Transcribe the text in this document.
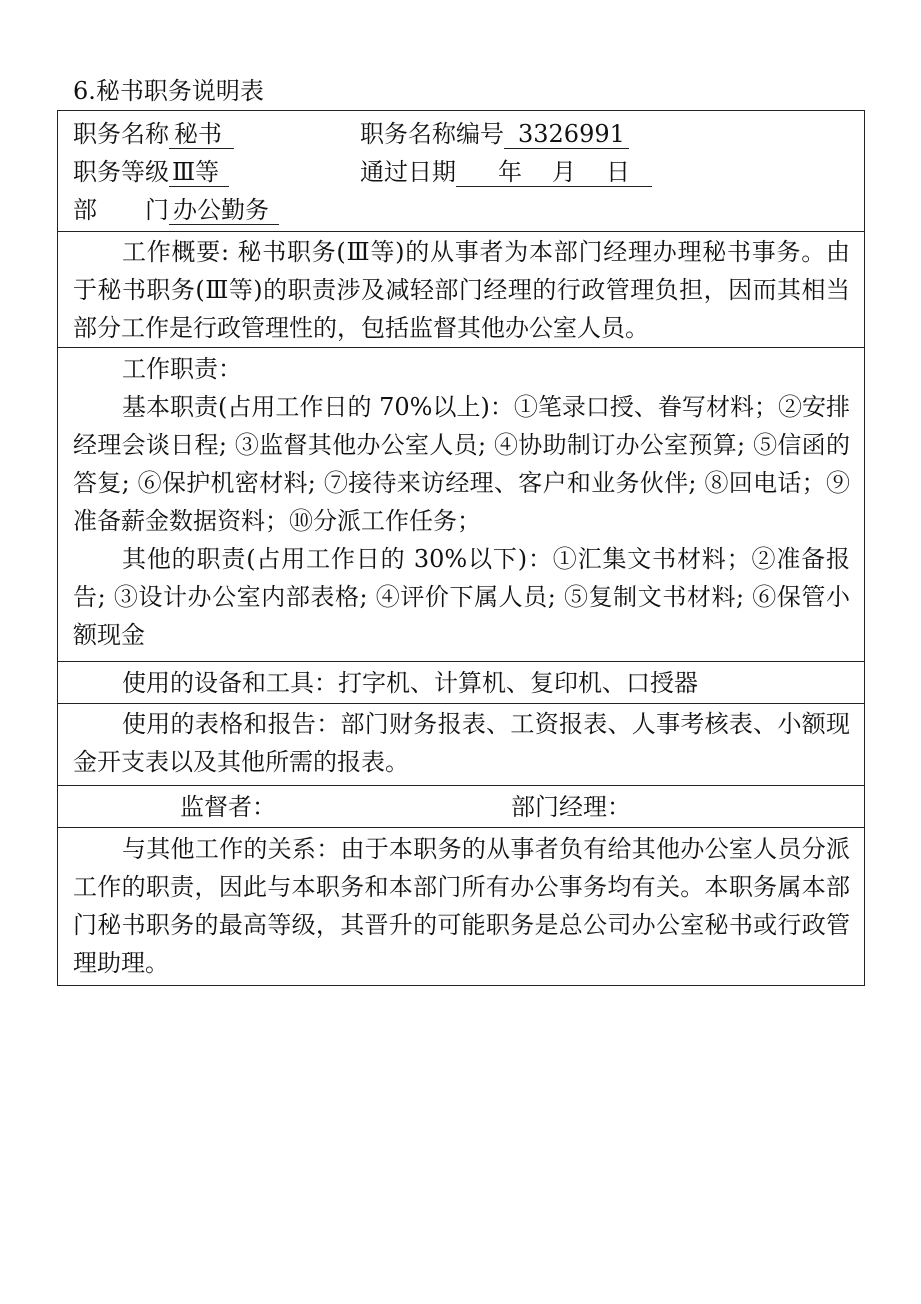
6.秘书职务说明表
职务名称 秘书	职务名称编号 3326991
职务等级 Ⅲ等	通过日期 年 月 日
部 门 办公勤务

工作概要: 秘书职务(Ⅲ等)的从事者为本部门经理办理秘书事务。由于秘书职务(Ⅲ等)的职责涉及减轻部门经理的行政管理负担，因而其相当部分工作是行政管理性的，包括监督其他办公室人员。

工作职责：

基本职责(占用工作日的 70%以上)：①笔录口授、眷写材料；②安排经理会谈日程; ③监督其他办公室人员; ④协助制订办公室预算; ⑤信函的答复; ⑥保护机密材料; ⑦接待来访经理、客户和业务伙伴; ⑧回电话；⑨准备薪金数据资料；⑩分派工作任务；

其他的职责(占用工作日的 30%以下)：①汇集文书材料；②准备报告; ③设计办公室内部表格; ④评价下属人员; ⑤复制文书材料; ⑥保管小额现金

使用的设备和工具：打字机、计算机、复印机、口授器

使用的表格和报告：部门财务报表、工资报表、人事考核表、小额现金开支表以及其他所需的报表。

监督者：	部门经理：

与其他工作的关系：由于本职务的从事者负有给其他办公室人员分派工作的职责，因此与本职务和本部门所有办公事务均有关。本职务属本部门秘书职务的最高等级，其晋升的可能职务是总公司办公室秘书或行政管理助理。
